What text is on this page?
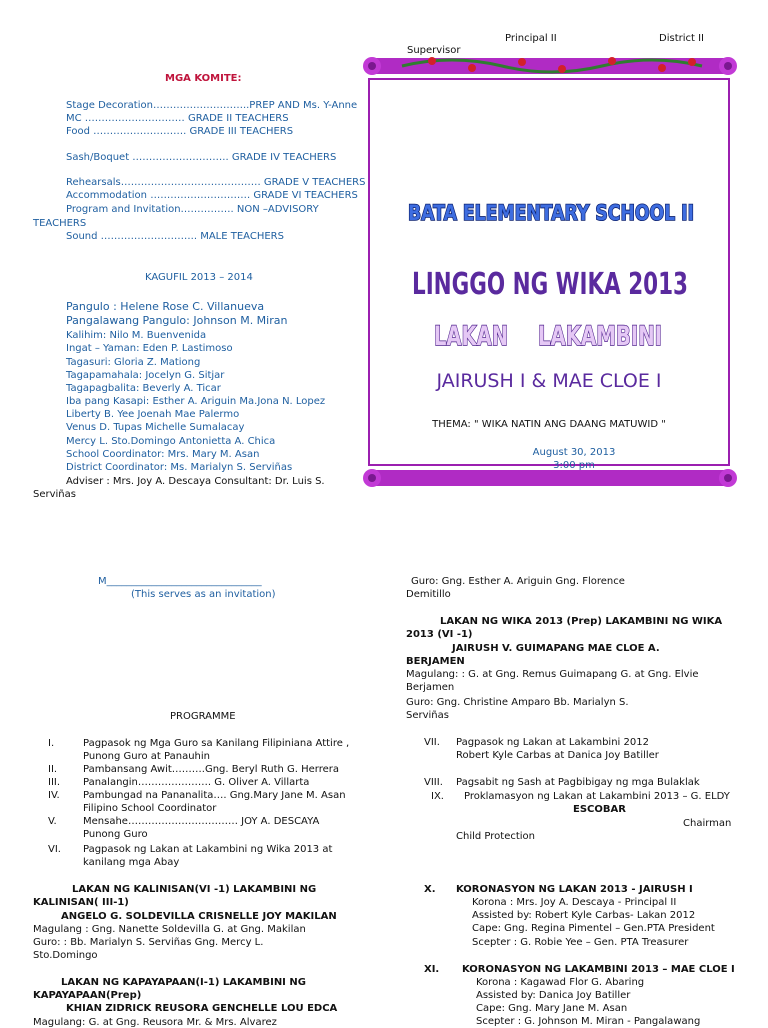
Supervisor
Principal II	District II
MGA KOMITE:
Stage Decoration………………………..PREP AND Ms. Y-Anne
MC ………………………… GRADE II TEACHERS
Food ………………………. GRADE III TEACHERS
Sash/Boquet ……………………….. GRADE IV TEACHERS
Rehearsals…………………………………… GRADE V TEACHERS
Accommodation ………………………… GRADE VI TEACHERS
Program and Invitation……………. NON –ADVISORY
TEACHERS
Sound ……………………….. MALE TEACHERS
KAGUFIL 2013 – 2014
Pangulo : Helene Rose C. Villanueva
Pangalawang Pangulo: Johnson M. Miran
Kalihim: Nilo M. Buenvenida
Ingat – Yaman: Eden P. Lastimoso
Tagasuri: Gloria Z. Mationg
Tagapamahala: Jocelyn G. Sitjar
Tagapagbalita: Beverly A. Ticar
Iba pang Kasapi: Esther A. Ariguin Ma.Jona N. Lopez
Liberty B. Yee Joenah Mae Palermo
Venus D. Tupas Michelle Sumalacay
Mercy L. Sto.Domingo Antonietta A. Chica
School Coordinator: Mrs. Mary M. Asan
District Coordinator: Ms. Marialyn S. Serviñas
Adviser : Mrs. Joy A. Descaya Consultant: Dr. Luis S.
Serviñas
BATA ELEMENTARY SCHOOL II
LINGGO NG WIKA 2013
LAKAN LAKAMBINI
JAIRUSH I & MAE CLOE I
THEMA: " WIKA NATIN ANG DAANG MATUWID "
August 30, 2013
3:00 pm
M_______________________________
(This serves as an invitation)
PROGRAMME
I.	Pagpasok ng Mga Guro sa Kanilang Filipiniana Attire ,
Punong Guro at Panauhin
II.	Pambansang Awit……….Gng. Beryl Ruth G. Herrera
III. Panalangin…………………. G. Oliver A. Villarta
IV. Pambungad na Pananalita…. Gng.Mary Jane M. Asan
Filipino School Coordinator
V.	Mensahe…………………………… JOY A. DESCAYA
Punong Guro
VI. Pagpasok ng Lakan at Lakambini ng Wika 2013 at
kanilang mga Abay
LAKAN NG KALINISAN(VI -1) LAKAMBINI NG
KALINISAN( III-1)
ANGELO G. SOLDEVILLA CRISNELLE JOY MAKILAN
Magulang : Gng. Nanette Soldevilla G. at Gng. Makilan
Guro: : Bb. Marialyn S. Serviñas Gng. Mercy L.
Sto.Domingo
LAKAN NG KAPAYAPAAN(I-1) LAKAMBINI NG
KAPAYAPAAN(Prep)
KHIAN ZIDRICK REUSORA GENCHELLE LOU EDCA
Magulang: G. at Gng. Reusora Mr. & Mrs. Alvarez
Guro: Gng. Esther A. Ariguin Gng. Florence
Demitillo
LAKAN NG WIKA 2013 (Prep) LAKAMBINI NG WIKA
2013 (VI -1)
JAIRUSH V. GUIMAPANG MAE CLOE A.
BERJAMEN
Magulang: : G. at Gng. Remus Guimapang G. at Gng. Elvie
Berjamen
Guro: Gng. Christine Amparo Bb. Marialyn S.
Serviñas
VII. Pagpasok ng Lakan at Lakambini 2012
Robert Kyle Carbas at Danica Joy Batiller
VIII. Pagsabit ng Sash at Pagbibigay ng mga Bulaklak
IX. Proklamasyon ng Lakan at Lakambini 2013 – G. ELDY
ESCOBAR
Chairman
Child Protection
X. KORONASYON NG LAKAN 2013 - JAIRUSH I
Korona : Mrs. Joy A. Descaya - Principal II
Assisted by: Robert Kyle Carbas- Lakan 2012
Cape: Gng. Regina Pimentel – Gen.PTA President
Scepter : G. Robie Yee – Gen. PTA Treasurer
XI. KORONASYON NG LAKAMBINI 2013 – MAE CLOE I
Korona : Kagawad Flor G. Abaring
Assisted by: Danica Joy Batiller
Cape: Gng. Mary Jane M. Asan
Scepter : G. Johnson M. Miran - Pangalawang
